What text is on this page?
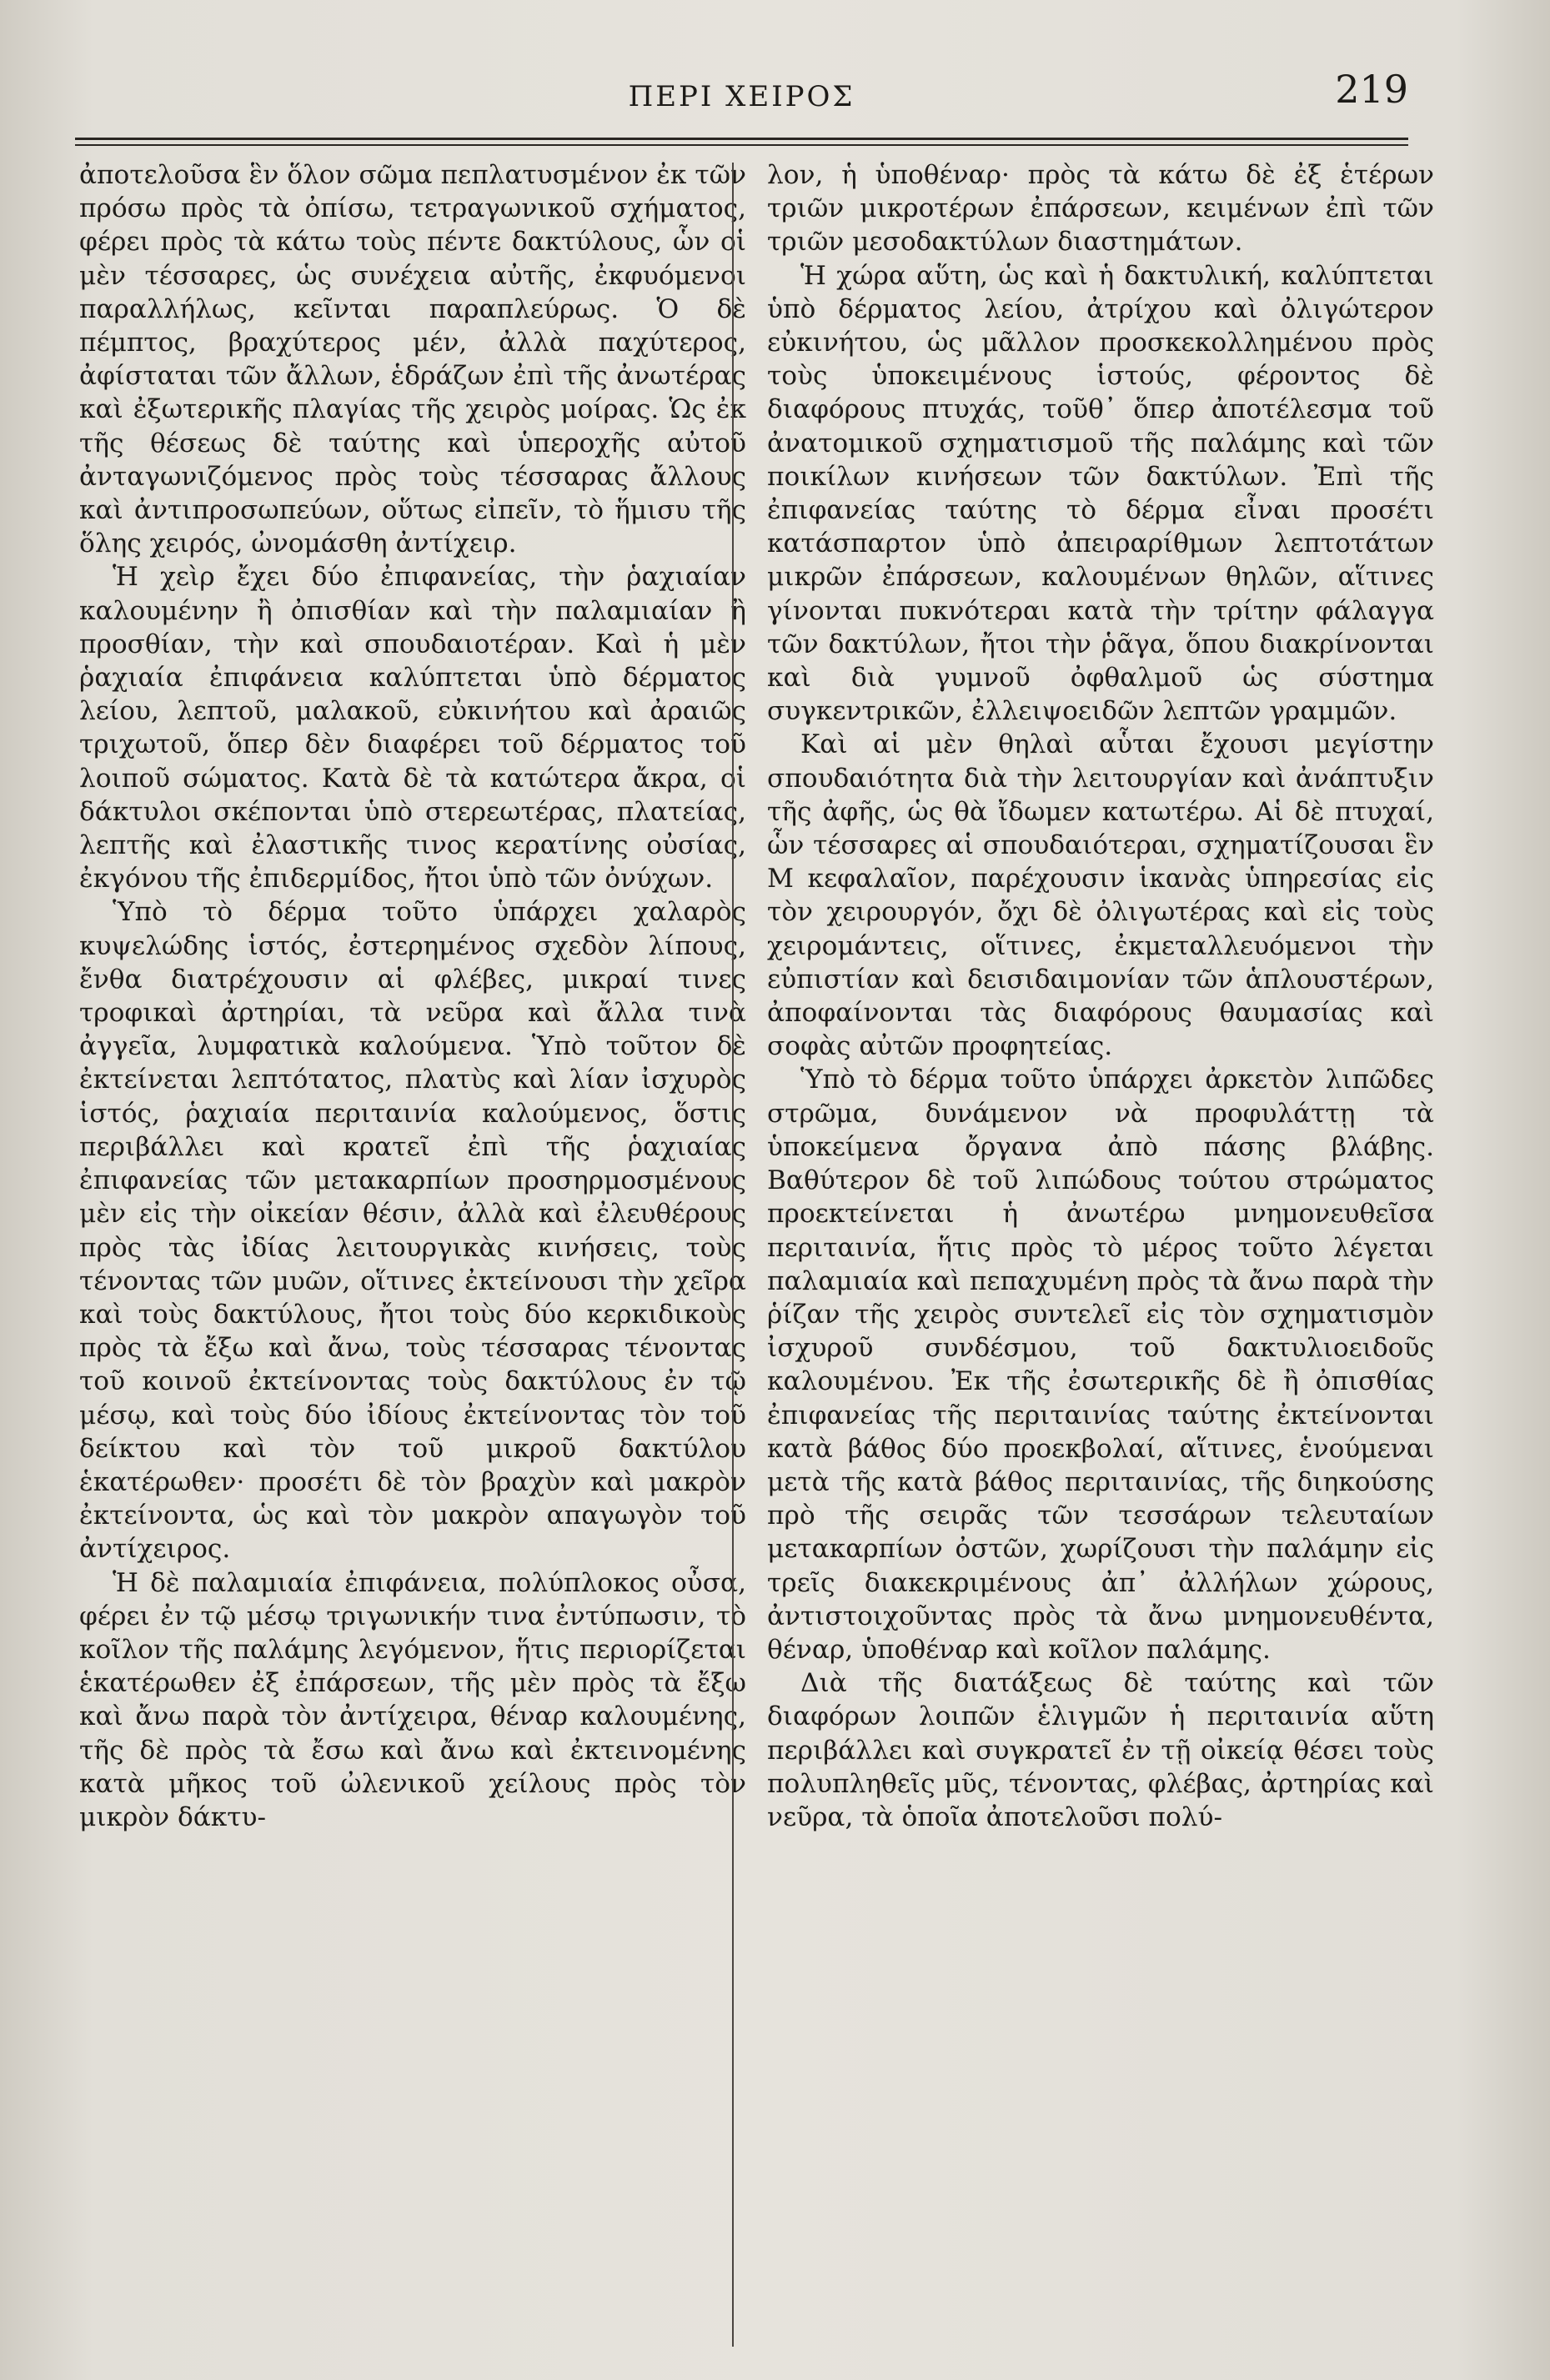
ΠΕΡΙ ΧΕΙΡΟΣ	219

ἀποτελοῦσα ἓν ὅλον σῶμα πεπλατυσμένον ἐκ τῶν πρόσω πρὸς τὰ ὀπίσω, τετραγωνικοῦ σχήματος, φέρει πρὸς τὰ κάτω τοὺς πέντε δακτύλους, ὧν οἱ μὲν τέσσαρες, ὡς συνέχεια αὐτῆς, ἐκφυόμενοι παραλλήλως, κεῖνται παραπλεύρως. Ὁ δὲ πέμπτος, βραχύτερος μέν, ἀλλὰ παχύτερος, ἀφίσταται τῶν ἄλλων, ἑδράζων ἐπὶ τῆς ἀνωτέρας καὶ ἐξωτερικῆς πλαγίας τῆς χειρὸς μοίρας. Ὡς ἐκ τῆς θέσεως δὲ ταύτης καὶ ὑπεροχῆς αὐτοῦ ἀνταγωνιζόμενος πρὸς τοὺς τέσσαρας ἄλλους καὶ ἀντιπροσωπεύων, οὕτως εἰπεῖν, τὸ ἥμισυ τῆς ὅλης χειρός, ὠνομάσθη ἀντίχειρ.

Ἡ χεὶρ ἔχει δύο ἐπιφανείας, τὴν ῥαχιαίαν καλουμένην ἢ ὀπισθίαν καὶ τὴν παλαμιαίαν ἢ προσθίαν, τὴν καὶ σπουδαιοτέραν. Καὶ ἡ μὲν ῥαχιαία ἐπιφάνεια καλύπτεται ὑπὸ δέρματος λείου, λεπτοῦ, μαλακοῦ, εὐκινήτου καὶ ἀραιῶς τριχωτοῦ, ὅπερ δὲν διαφέρει τοῦ δέρματος τοῦ λοιποῦ σώματος. Κατὰ δὲ τὰ κατώτερα ἄκρα, οἱ δάκτυλοι σκέπονται ὑπὸ στερεωτέρας, πλατείας, λεπτῆς καὶ ἐλαστικῆς τινος κερατίνης οὐσίας, ἐκγόνου τῆς ἐπιδερμίδος, ἤτοι ὑπὸ τῶν ὀνύχων.

Ὑπὸ τὸ δέρμα τοῦτο ὑπάρχει χαλαρὸς κυψελώδης ἱστός, ἐστερημένος σχεδὸν λίπους, ἔνθα διατρέχουσιν αἱ φλέβες, μικραί τινες τροφικαὶ ἀρτηρίαι, τὰ νεῦρα καὶ ἄλλα τινὰ ἀγγεῖα, λυμφατικὰ καλούμενα. Ὑπὸ τοῦτον δὲ ἐκτείνεται λεπτότατος, πλατὺς καὶ λίαν ἰσχυρὸς ἱστός, ῥαχιαία περιταινία καλούμενος, ὅστις περιβάλλει καὶ κρατεῖ ἐπὶ τῆς ῥαχιαίας ἐπιφανείας τῶν μετακαρπίων προσηρμοσμένους μὲν εἰς τὴν οἰκείαν θέσιν, ἀλλὰ καὶ ἐλευθέρους πρὸς τὰς ἰδίας λειτουργικὰς κινήσεις, τοὺς τένοντας τῶν μυῶν, οἵτινες ἐκτείνουσι τὴν χεῖρα καὶ τοὺς δακτύλους, ἤτοι τοὺς δύο κερκιδικοὺς πρὸς τὰ ἔξω καὶ ἄνω, τοὺς τέσσαρας τένοντας τοῦ κοινοῦ ἐκτείνοντας τοὺς δακτύλους ἐν τῷ μέσῳ, καὶ τοὺς δύο ἰδίους ἐκτείνοντας τὸν τοῦ δείκτου καὶ τὸν τοῦ μικροῦ δακτύλου ἑκατέρωθεν· προσέτι δὲ τὸν βραχὺν καὶ μακρὸν ἐκτείνοντα, ὡς καὶ τὸν μακρὸν απαγωγὸν τοῦ ἀντίχειρος.

Ἡ δὲ παλαμιαία ἐπιφάνεια, πολύπλοκος οὖσα, φέρει ἐν τῷ μέσῳ τριγωνικήν τινα ἐντύπωσιν, τὸ κοῖλον τῆς παλάμης λεγόμενον, ἥτις περιορίζεται ἑκατέρωθεν ἐξ ἐπάρσεων, τῆς μὲν πρὸς τὰ ἔξω καὶ ἄνω παρὰ τὸν ἀντίχειρα, θέναρ καλουμένης, τῆς δὲ πρὸς τὰ ἔσω καὶ ἄνω καὶ ἐκτεινομένης κατὰ μῆκος τοῦ ὠλενικοῦ χείλους πρὸς τὸν μικρὸν δάκτυ-

λον, ἡ ὑποθέναρ· πρὸς τὰ κάτω δὲ ἐξ ἑτέρων τριῶν μικροτέρων ἐπάρσεων, κειμένων ἐπὶ τῶν τριῶν μεσοδακτύλων διαστημάτων.

Ἡ χώρα αὕτη, ὡς καὶ ἡ δακτυλική, καλύπτεται ὑπὸ δέρματος λείου, ἀτρίχου καὶ ὀλιγώτερον εὐκινήτου, ὡς μᾶλλον προσκεκολλημένου πρὸς τοὺς ὑποκειμένους ἱστούς, φέροντος δὲ διαφόρους πτυχάς, τοῦθ᾽ ὅπερ ἀποτέλεσμα τοῦ ἀνατομικοῦ σχηματισμοῦ τῆς παλάμης καὶ τῶν ποικίλων κινήσεων τῶν δακτύλων. Ἐπὶ τῆς ἐπιφανείας ταύτης τὸ δέρμα εἶναι προσέτι κατάσπαρτον ὑπὸ ἀπειραρίθμων λεπτοτάτων μικρῶν ἐπάρσεων, καλουμένων θηλῶν, αἵτινες γίνονται πυκνότεραι κατὰ τὴν τρίτην φάλαγγα τῶν δακτύλων, ἤτοι τὴν ῥᾶγα, ὅπου διακρίνονται καὶ διὰ γυμνοῦ ὀφθαλμοῦ ὡς σύστημα συγκεντρικῶν, ἐλλειψοειδῶν λεπτῶν γραμμῶν.

Καὶ αἱ μὲν θηλαὶ αὗται ἔχουσι μεγίστην σπουδαιότητα διὰ τὴν λειτουργίαν καὶ ἀνάπτυξιν τῆς ἀφῆς, ὡς θὰ ἴδωμεν κατωτέρω. Αἱ δὲ πτυχαί, ὧν τέσσαρες αἱ σπουδαιότεραι, σχηματίζουσαι ἓν Μ κεφαλαῖον, παρέχουσιν ἱκανὰς ὑπηρεσίας εἰς τὸν χειρουργόν, ὄχι δὲ ὀλιγωτέρας καὶ εἰς τοὺς χειρομάντεις, οἵτινες, ἐκμεταλλευόμενοι τὴν εὐπιστίαν καὶ δεισιδαιμονίαν τῶν ἁπλουστέρων, ἀποφαίνονται τὰς διαφόρους θαυμασίας καὶ σοφὰς αὐτῶν προφητείας.

Ὑπὸ τὸ δέρμα τοῦτο ὑπάρχει ἀρκετὸν λιπῶδες στρῶμα, δυνάμενον νὰ προφυλάττῃ τὰ ὑποκείμενα ὄργανα ἀπὸ πάσης βλάβης. Βαθύτερον δὲ τοῦ λιπώδους τούτου στρώματος προεκτείνεται ἡ ἀνωτέρω μνημονευθεῖσα περιταινία, ἥτις πρὸς τὸ μέρος τοῦτο λέγεται παλαμιαία καὶ πεπαχυμένη πρὸς τὰ ἄνω παρὰ τὴν ῥίζαν τῆς χειρὸς συντελεῖ εἰς τὸν σχηματισμὸν ἰσχυροῦ συνδέσμου, τοῦ δακτυλιοειδοῦς καλουμένου. Ἐκ τῆς ἐσωτερικῆς δὲ ἢ ὀπισθίας ἐπιφανείας τῆς περιταινίας ταύτης ἐκτείνονται κατὰ βάθος δύο προεκβολαί, αἵτινες, ἑνούμεναι μετὰ τῆς κατὰ βάθος περιταινίας, τῆς διηκούσης πρὸ τῆς σειρᾶς τῶν τεσσάρων τελευταίων μετακαρπίων ὀστῶν, χωρίζουσι τὴν παλάμην εἰς τρεῖς διακεκριμένους ἀπ᾽ ἀλλήλων χώρους, ἀντιστοιχοῦντας πρὸς τὰ ἄνω μνημονευθέντα, θέναρ, ὑποθέναρ καὶ κοῖλον παλάμης.

Διὰ τῆς διατάξεως δὲ ταύτης καὶ τῶν διαφόρων λοιπῶν ἑλιγμῶν ἡ περιταινία αὕτη περιβάλλει καὶ συγκρατεῖ ἐν τῇ οἰκείᾳ θέσει τοὺς πολυπληθεῖς μῦς, τένοντας, φλέβας, ἀρτηρίας καὶ νεῦρα, τὰ ὁποῖα ἀποτελοῦσι πολύ-
